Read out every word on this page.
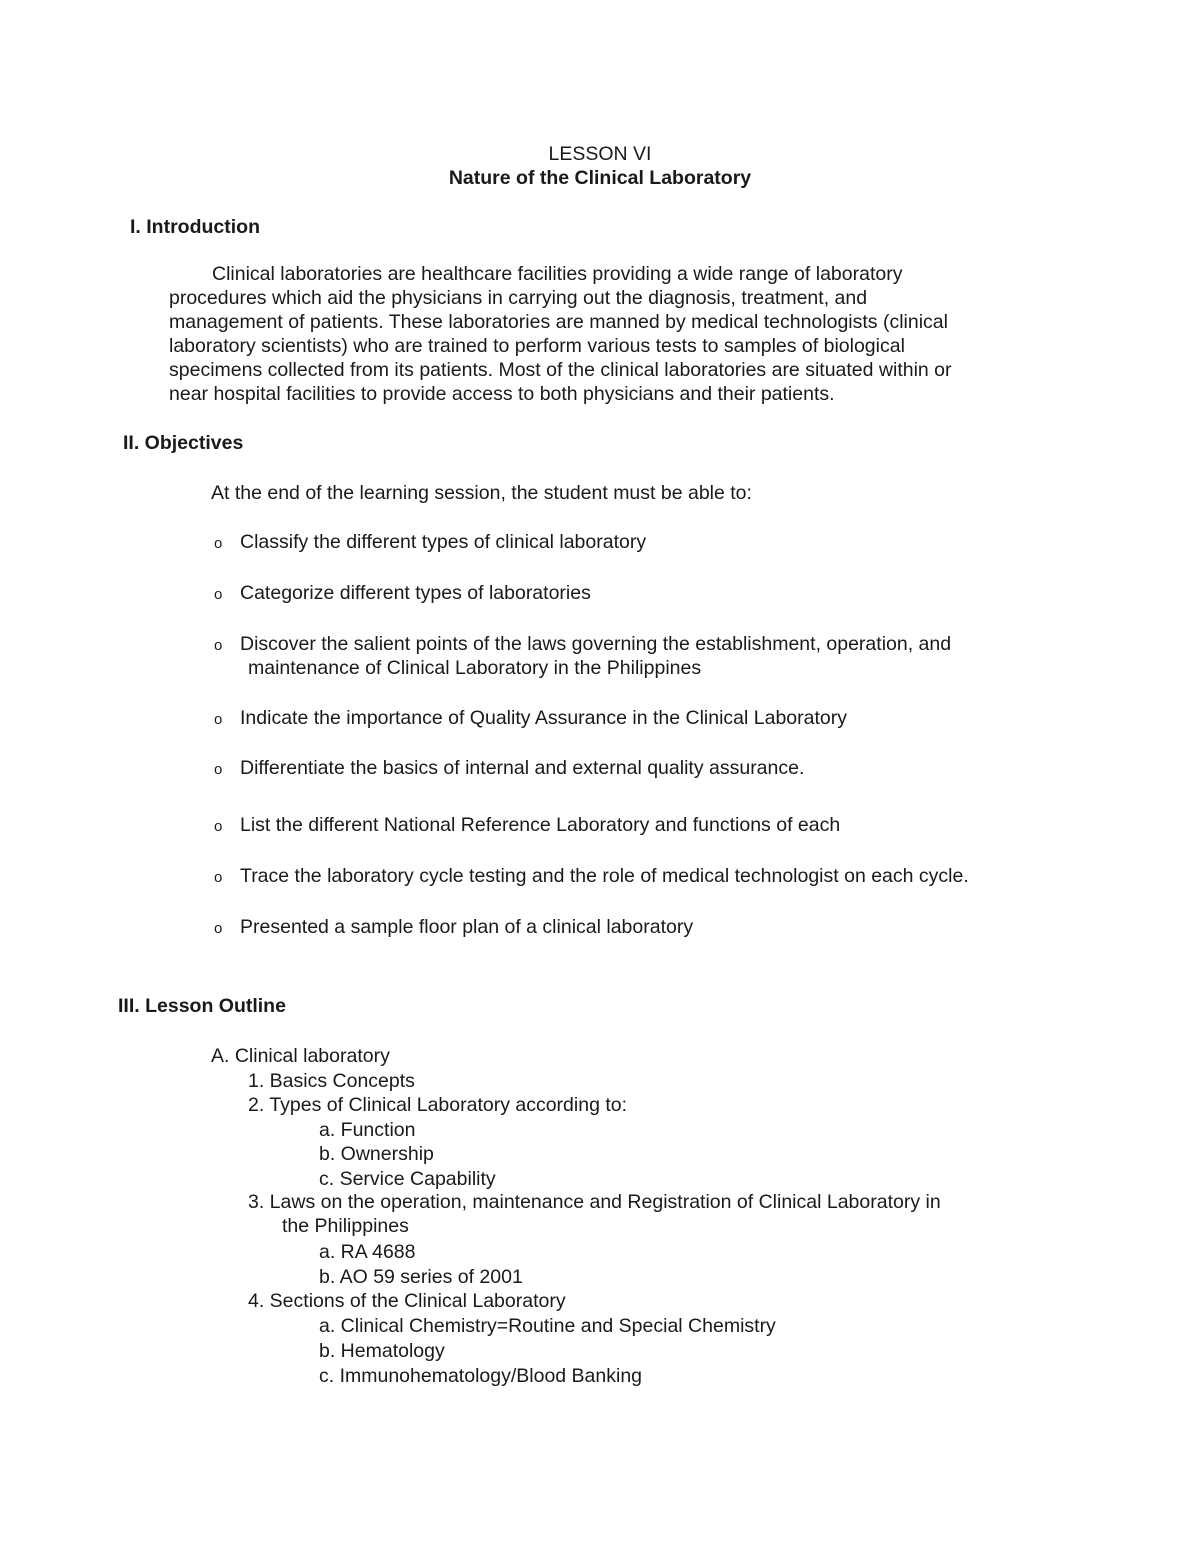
LESSON VI
Nature of the Clinical Laboratory
I. Introduction
Clinical laboratories are healthcare facilities providing a wide range of laboratory
procedures which aid the physicians in carrying out the diagnosis, treatment, and
management of patients. These laboratories are manned by medical technologists (clinical
laboratory scientists) who are trained to perform various tests to samples of biological
specimens collected from its patients. Most of the clinical laboratories are situated within or
near hospital facilities to provide access to both physicians and their patients.
II. Objectives
At the end of the learning session, the student must be able to:
o Classify the different types of clinical laboratory
o Categorize different types of laboratories
o Discover the salient points of the laws governing the establishment, operation, and
maintenance of Clinical Laboratory in the Philippines
o Indicate the importance of Quality Assurance in the Clinical Laboratory
o Differentiate the basics of internal and external quality assurance.
o List the different National Reference Laboratory and functions of each
o Trace the laboratory cycle testing and the role of medical technologist on each cycle.
o Presented a sample floor plan of a clinical laboratory
III. Lesson Outline
A. Clinical laboratory
1. Basics Concepts
2. Types of Clinical Laboratory according to:
a. Function
b. Ownership
c. Service Capability
3. Laws on the operation, maintenance and Registration of Clinical Laboratory in
the Philippines
a. RA 4688
b. AO 59 series of 2001
4. Sections of the Clinical Laboratory
a. Clinical Chemistry=Routine and Special Chemistry
b. Hematology
c. Immunohematology/Blood Banking
